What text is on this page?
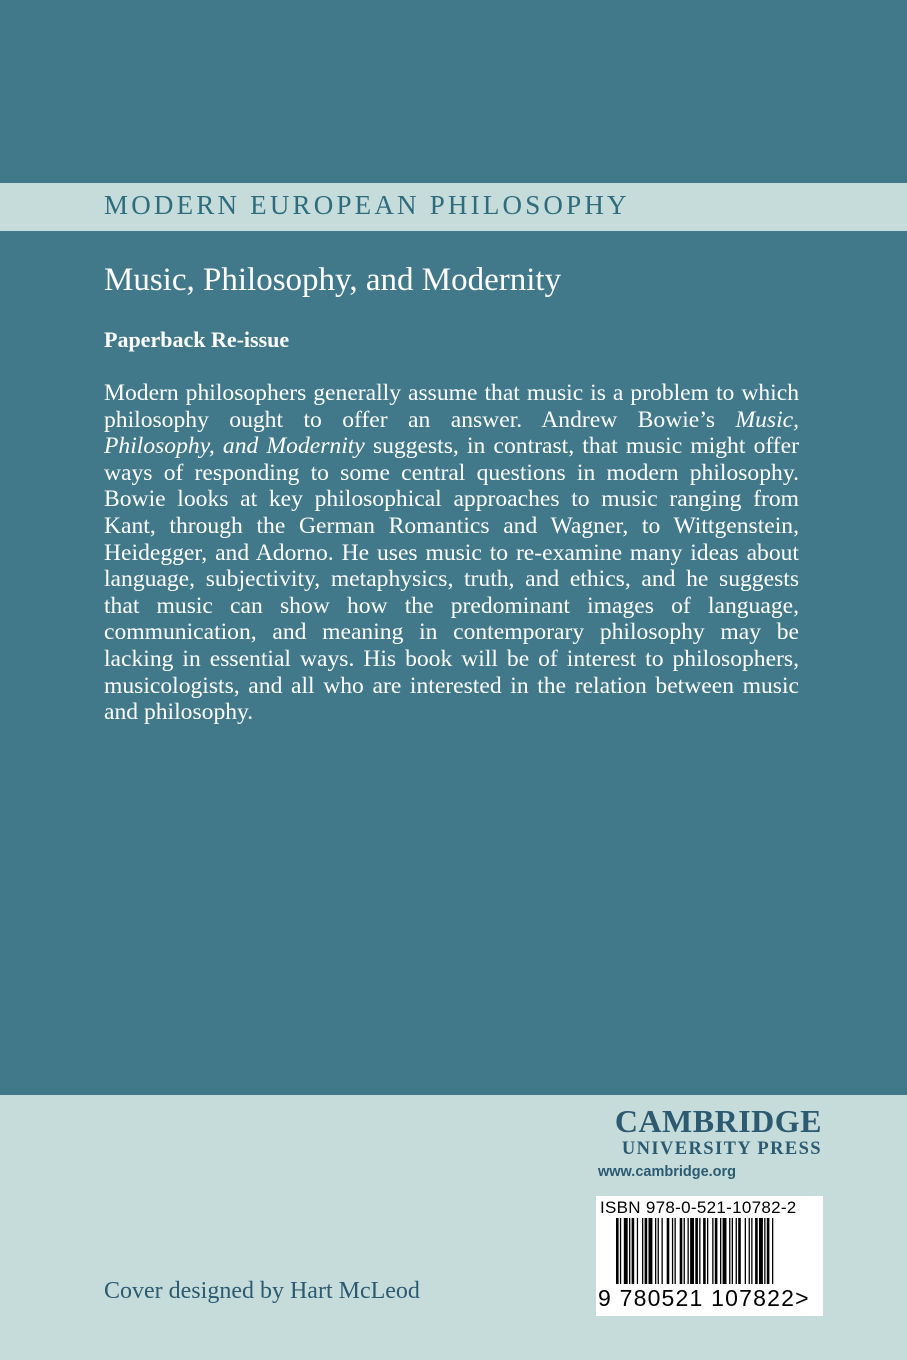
MODERN EUROPEAN PHILOSOPHY
Music, Philosophy, and Modernity
Paperback Re-issue

Modern philosophers generally assume that music is a problem to which philosophy ought to offer an answer. Andrew Bowie’s Music, Philosophy, and Modernity suggests, in contrast, that music might offer ways of responding to some central questions in modern philosophy. Bowie looks at key philosophical approaches to music ranging from Kant, through the German Romantics and Wagner, to Wittgenstein, Heidegger, and Adorno. He uses music to re-examine many ideas about language, subjectivity, metaphysics, truth, and ethics, and he suggests that music can show how the predominant images of language, communication, and meaning in contemporary philosophy may be lacking in essential ways. His book will be of interest to philosophers, musicologists, and all who are interested in the relation between music and philosophy.

CAMBRIDGE
UNIVERSITY PRESS
www.cambridge.org
ISBN 978-0-521-10782-2
9 780521 107822>
Cover designed by Hart McLeod
